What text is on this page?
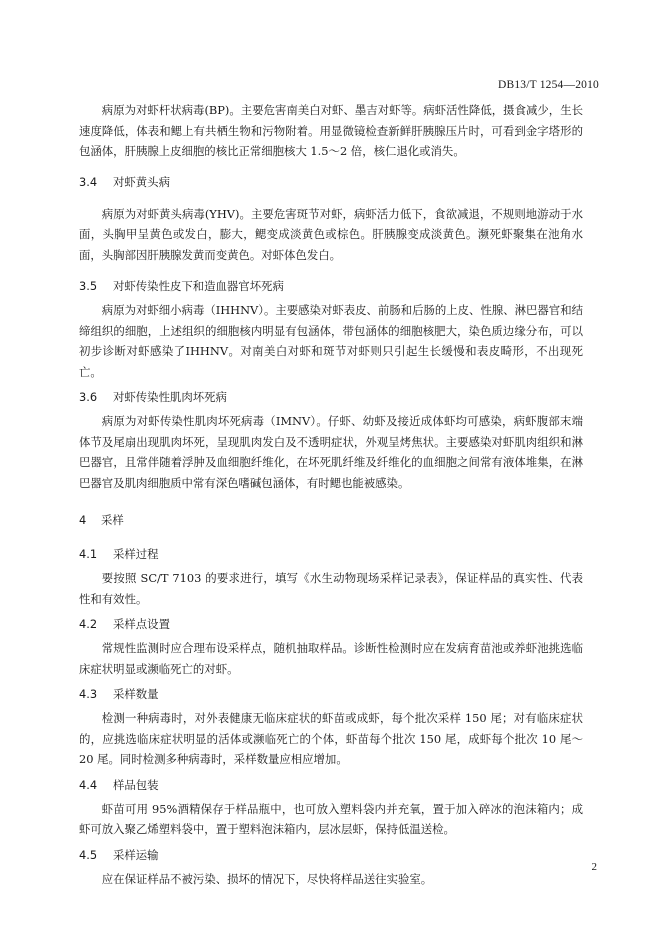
DB13/T 1254—2010

病原为对虾杆状病毒(BP)。主要危害南美白对虾、墨吉对虾等。病虾活性降低，摄食减少，生长速度降低，体表和鳃上有共栖生物和污物附着。用显微镜检查新鲜肝胰腺压片时，可看到金字塔形的包涵体，肝胰腺上皮细胞的核比正常细胞核大 1.5～2 倍，核仁退化或消失。

3.4 对虾黄头病

病原为对虾黄头病毒(YHV)。主要危害斑节对虾，病虾活力低下，食欲减退，不规则地游动于水面，头胸甲呈黄色或发白，膨大，鳃变成淡黄色或棕色。肝胰腺变成淡黄色。濒死虾聚集在池角水面，头胸部因肝胰腺发黄而变黄色。对虾体色发白。

3.5 对虾传染性皮下和造血器官坏死病

病原为对虾细小病毒（IHHNV）。主要感染对虾表皮、前肠和后肠的上皮、性腺、淋巴器官和结缔组织的细胞，上述组织的细胞核内明显有包涵体，带包涵体的细胞核肥大，染色质边缘分布，可以初步诊断对虾感染了IHHNV。对南美白对虾和斑节对虾则只引起生长缓慢和表皮畸形，不出现死亡。

3.6 对虾传染性肌肉坏死病

病原为对虾传染性肌肉坏死病毒（IMNV）。仔虾、幼虾及接近成体虾均可感染，病虾腹部末端体节及尾扇出现肌肉坏死，呈现肌肉发白及不透明症状，外观呈烤焦状。主要感染对虾肌肉组织和淋巴器官，且常伴随着浮肿及血细胞纤维化，在坏死肌纤维及纤维化的血细胞之间常有液体堆集，在淋巴器官及肌肉细胞质中常有深色嗜碱包涵体，有时鳃也能被感染。

4 采样
4.1 采样过程

要按照 SC/T 7103 的要求进行，填写《水生动物现场采样记录表》，保证样品的真实性、代表性和有效性。

4.2 采样点设置

常规性监测时应合理布设采样点，随机抽取样品。诊断性检测时应在发病育苗池或养虾池挑选临床症状明显或濒临死亡的对虾。

4.3 采样数量

检测一种病毒时，对外表健康无临床症状的虾苗或成虾，每个批次采样 150 尾；对有临床症状的，应挑选临床症状明显的活体或濒临死亡的个体，虾苗每个批次 150 尾，成虾每个批次 10 尾～20 尾。同时检测多种病毒时，采样数量应相应增加。

4.4 样品包装

虾苗可用 95%酒精保存于样品瓶中，也可放入塑料袋内并充氧，置于加入碎冰的泡沫箱内；成虾可放入聚乙烯塑料袋中，置于塑料泡沫箱内，层冰层虾，保持低温送检。

4.5 采样运输

应在保证样品不被污染、损坏的情况下，尽快将样品送往实验室。

2
